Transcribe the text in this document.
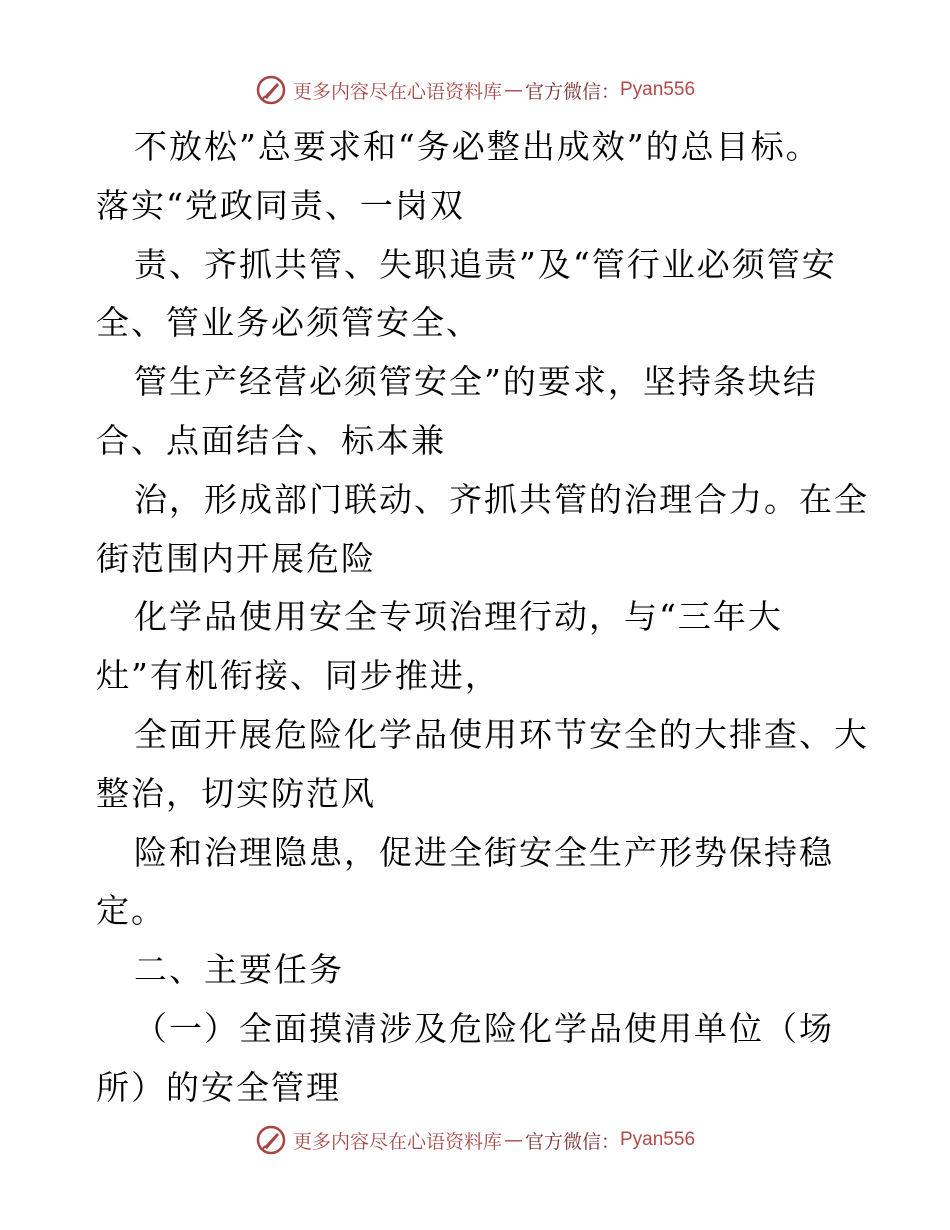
更多内容尽在心语资料库 — 官方微信： Pyan556
不放松”总要求和“务必整出成效”的总目标。
落实“党政同责、一岗双
责、齐抓共管、失职追责”及“管行业必须管安
全、管业务必须管安全、
管生产经营必须管安全”的要求，坚持条块结
合、点面结合、标本兼
治，形成部门联动、齐抓共管的治理合力。在全
街范围内开展危险
化学品使用安全专项治理行动，与“三年大
灶”有机衔接、同步推进，
全面开展危险化学品使用环节安全的大排查、大
整治，切实防范风
险和治理隐患，促进全街安全生产形势保持稳
定。
二、主要任务
（一）全面摸清涉及危险化学品使用单位（场
所）的安全管理
更多内容尽在心语资料库 — 官方微信： Pyan556
